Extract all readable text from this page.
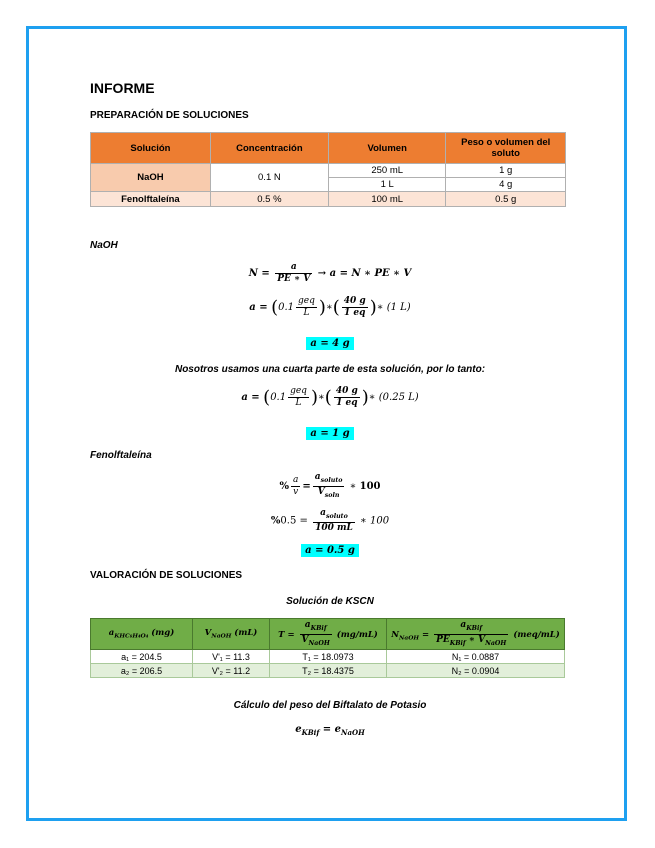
INFORME
PREPARACIÓN DE SOLUCIONES
Solución	Concentración	Volumen	Peso o volumen del soluto
NaOH	0.1 N	250 mL	1 g
		1 L	4 g
Fenolftaleína	0.5 %	100 mL	0.5 g
NaOH
$N = \frac{a}{PE ∗ V} \to a = N$ ∗ PE ∗ V
$a = (0.1 \frac{\text{geq}}{L}$ )∗( $\frac{40 g}{1 eq}$ )∗ (1 L)
a = 4 g
Nosotros usamos una cuarta parte de esta solución, por lo tanto:
$a = (0.1 \frac{\text{geq}}{L}$ )∗( $\frac{40 g}{1 eq}$ )∗ (0.25 L)
a = 1 g
Fenolftaleína
% $\frac{a}{v} = \frac{a_{soluto}}{V_{soln}}$ ∗ 100
$\%0.5 = \frac{a_{soluto}}{100 mL}$ ∗ 100
a = 0.5 g
VALORACIÓN DE SOLUCIONES
Solución de KSCN
$a_{KHC_8H_4O_4}$ (mg)	$V_{NaOH}$ (mL)	$T = \frac{a_{KBif}}{V_{NaOH}} (mg/mL)$	$N_{NaOH} = \frac{a_{KBif}}{PE_{KBif} ∗ V_{NaOH}} (meq/mL)$
a₁ = 204.5	V'₁ = 11.3	T₁ = 18.0973	N₁ = 0.0887
a₂ = 206.5	V'₂ = 11.2	T₂ = 18.4375	N₂ = 0.0904
Cálculo del peso del Biftalato de Potasio
$e_{KBif} = e_{NaOH}$
